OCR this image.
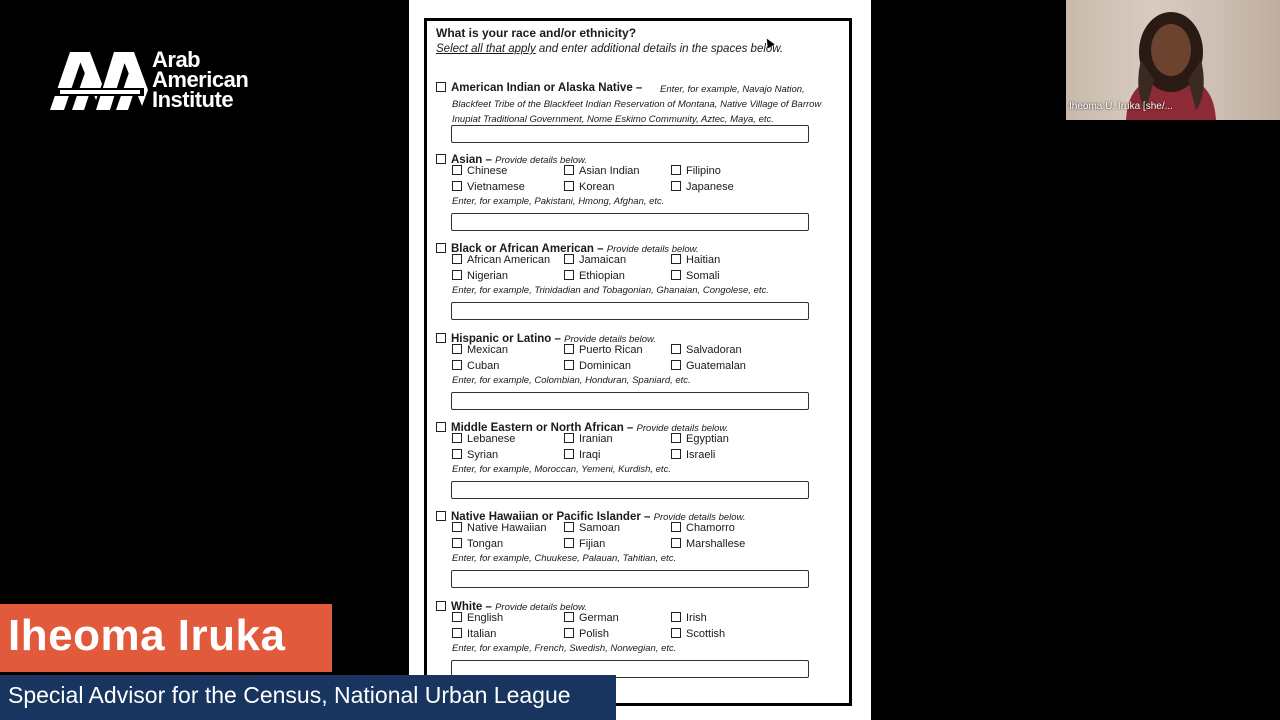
Arab
American
Institute
What is your race and/or ethnicity?
Select all that apply and enter additional details in the spaces below.
American Indian or Alaska Native –	Enter, for example, Navajo Nation, Blackfeet Tribe of the Blackfeet Indian Reservation of Montana, Native Village of Barrow Inupiat Traditional Government, Nome Eskimo Community, Aztec, Maya, etc.
Asian – Provide details below.
Chinese	Asian Indian	Filipino
Vietnamese	Korean	Japanese
Enter, for example, Pakistani, Hmong, Afghan, etc.
Black or African American – Provide details below.
African American	Jamaican	Haitian
Nigerian	Ethiopian	Somali
Enter, for example, Trinidadian and Tobagonian, Ghanaian, Congolese, etc.
Hispanic or Latino – Provide details below.
Mexican	Puerto Rican	Salvadoran
Cuban	Dominican	Guatemalan
Enter, for example, Colombian, Honduran, Spaniard, etc.
Middle Eastern or North African – Provide details below.
Lebanese	Iranian	Egyptian
Syrian	Iraqi	Israeli
Enter, for example, Moroccan, Yemeni, Kurdish, etc.
Native Hawaiian or Pacific Islander – Provide details below.
Native Hawaiian	Samoan	Chamorro
Tongan	Fijian	Marshallese
Enter, for example, Chuukese, Palauan, Tahitian, etc.
White – Provide details below.
English	German	Irish
Italian	Polish	Scottish
Enter, for example, French, Swedish, Norwegian, etc.
Iheoma U. Iruka [she/...
Iheoma Iruka
Special Advisor for the Census, National Urban League
